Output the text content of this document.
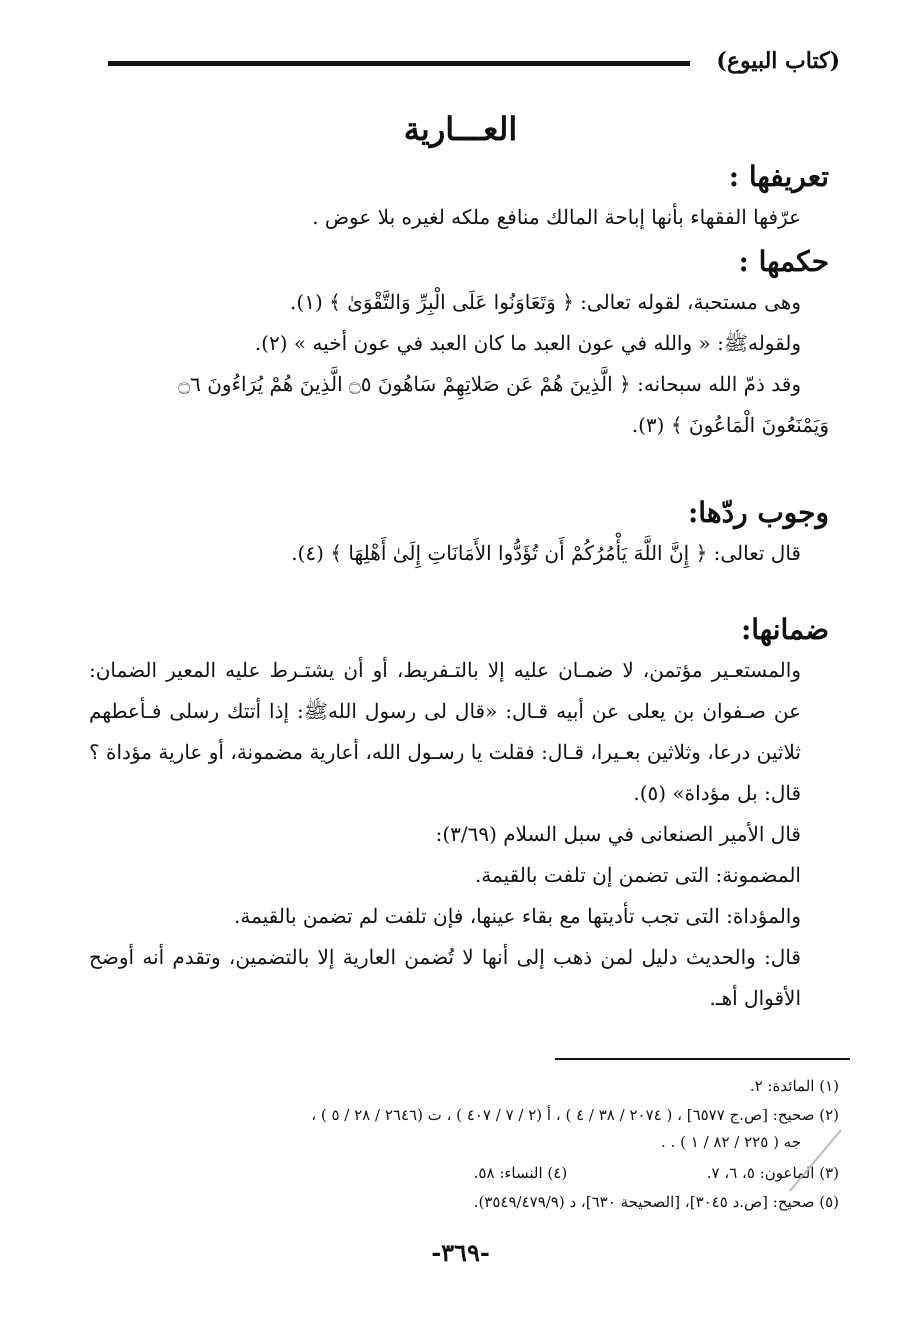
(كتاب البيوع)
العـــارية
تعريفها :
عرّفها الفقهاء بأنها إباحة المالك منافع ملكه لغيره بلا عوض .
حكمها :
وهى مستحبة، لقوله تعالى: ﴿ وَتَعَاوَنُوا عَلَى الْبِرِّ وَالتَّقْوَىٰ ﴾ (١).
ولقولهﷺ: « والله في عون العبد ما كان العبد في عون أخيه » (٢).
وقد ذمّ الله سبحانه: ﴿ الَّذِينَ هُمْ عَن صَلاتِهِمْ سَاهُونَ ۝٥ الَّذِينَ هُمْ يُرَاءُونَ ۝٦
وَيَمْنَعُونَ الْمَاعُونَ ﴾ (٣).
وجوب ردّها:
قال تعالى: ﴿ إِنَّ اللَّهَ يَأْمُرُكُمْ أَن تُؤَدُّوا الأَمَانَاتِ إِلَىٰ أَهْلِهَا ﴾ (٤).
ضمانها:
والمستعـير مؤتمن، لا ضمـان عليه إلا بالتـفريط، أو أن يشتـرط عليه المعير الضمان: عن صـفوان بن يعلى عن أبيه قـال: «قال لى رسول اللهﷺ: إذا أتتك رسلى فـأعطهم ثلاثين درعا، وثلاثين بعـيرا، قـال: فقلت يا رسـول الله، أعارية مضمونة، أو عارية مؤداة ؟ قال: بل مؤداة» (٥).
قال الأمير الصنعانى في سبل السلام (٣/٦٩):
المضمونة: التى تضمن إن تلفت بالقيمة.
والمؤداة: التى تجب تأديتها مع بقاء عينها، فإن تلفت لم تضمن بالقيمة.
قال: والحديث دليل لمن ذهب إلى أنها لا تُضمن العارية إلا بالتضمين، وتقدم أنه أوضح الأقوال أهـ.
(١) المائدة: ٢.
(٢) صحيح: [ص.ج ٦٥٧٧] ، ( ٢٠٧٤ / ٣٨ / ٤ ) ، أ (٢ / ٧ / ٤٠٧ ) ، ت (٢٦٤٦ / ٢٨ / ٥ ) ،
جه ( ٢٢٥ / ٨٢ / ١ ) . .
(٣) الماعون: ٥، ٦، ٧.  (٤) النساء: ٥٨.
(٥) صحيح: [ص.د ٣٠٤٥]، [الصحيحة ٦٣٠]، د (٣٥٤٩/٤٧٩/٩).
-٣٦٩-
